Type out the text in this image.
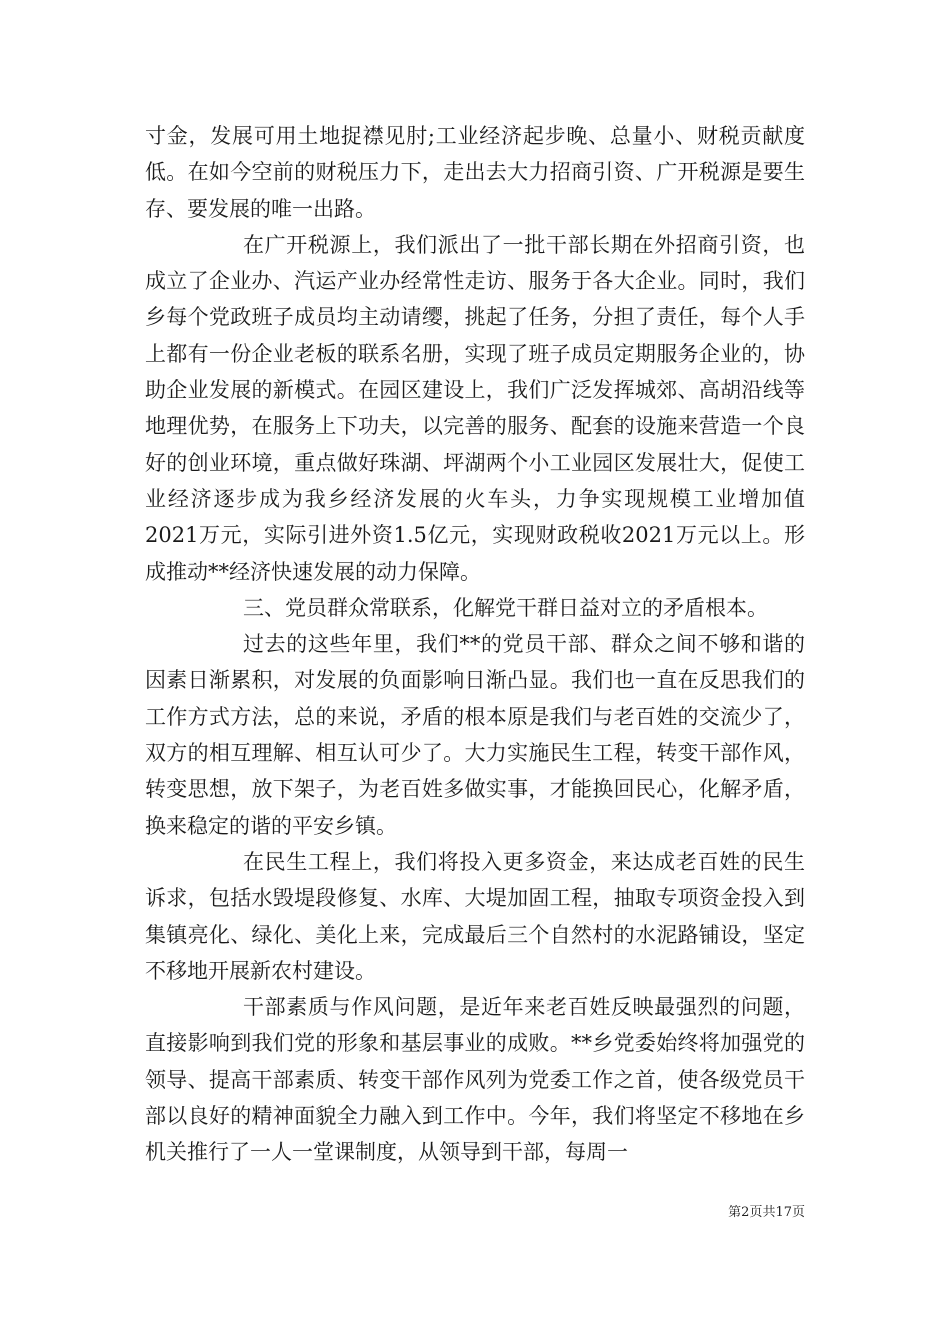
寸金，发展可用土地捉襟见肘;工业经济起步晚、总量小、财税贡献度低。在如今空前的财税压力下，走出去大力招商引资、广开税源是要生存、要发展的唯一出路。

在广开税源上，我们派出了一批干部长期在外招商引资，也成立了企业办、汽运产业办经常性走访、服务于各大企业。同时，我们乡每个党政班子成员均主动请缨，挑起了任务，分担了责任，每个人手上都有一份企业老板的联系名册，实现了班子成员定期服务企业的，协助企业发展的新模式。在园区建设上，我们广泛发挥城郊、高胡沿线等地理优势，在服务上下功夫，以完善的服务、配套的设施来营造一个良好的创业环境，重点做好珠湖、坪湖两个小工业园区发展壮大，促使工业经济逐步成为我乡经济发展的火车头，力争实现规模工业增加值2021万元，实际引进外资1.5亿元，实现财政税收2021万元以上。形成推动**经济快速发展的动力保障。

三、党员群众常联系，化解党干群日益对立的矛盾根本。

过去的这些年里，我们**的党员干部、群众之间不够和谐的因素日渐累积，对发展的负面影响日渐凸显。我们也一直在反思我们的工作方式方法，总的来说，矛盾的根本原是我们与老百姓的交流少了，双方的相互理解、相互认可少了。大力实施民生工程，转变干部作风，转变思想，放下架子，为老百姓多做实事，才能换回民心，化解矛盾，换来稳定的谐的平安乡镇。

在民生工程上，我们将投入更多资金，来达成老百姓的民生诉求，包括水毁堤段修复、水库、大堤加固工程，抽取专项资金投入到集镇亮化、绿化、美化上来，完成最后三个自然村的水泥路铺设，坚定不移地开展新农村建设。

干部素质与作风问题，是近年来老百姓反映最强烈的问题，直接影响到我们党的形象和基层事业的成败。**乡党委始终将加强党的领导、提高干部素质、转变干部作风列为党委工作之首，使各级党员干部以良好的精神面貌全力融入到工作中。今年，我们将坚定不移地在乡机关推行了一人一堂课制度，从领导到干部，每周一

第2页共17页
